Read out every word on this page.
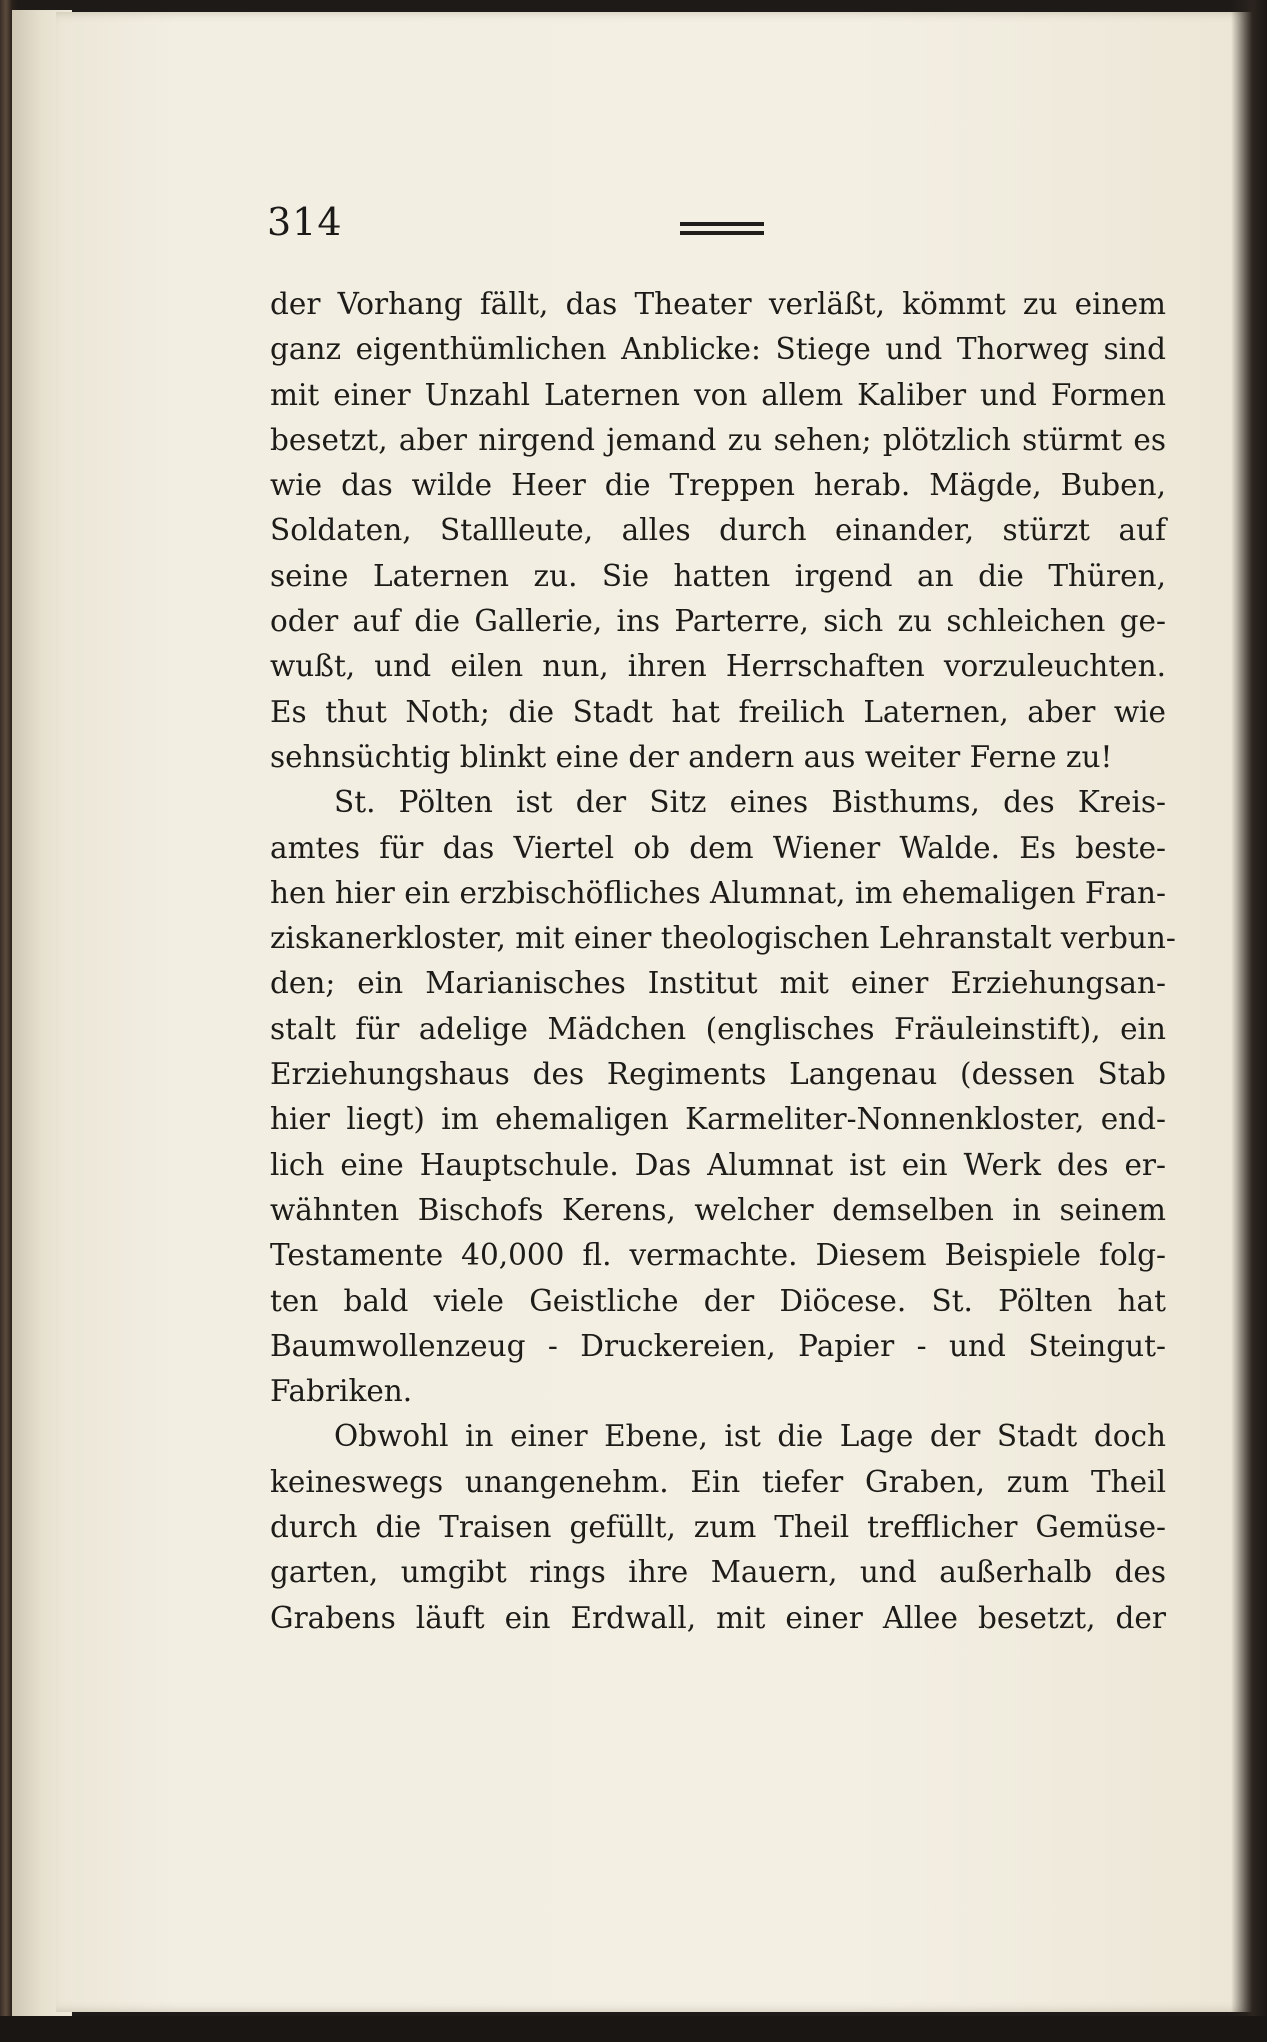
314

der Vorhang fällt, das Theater verläßt, kömmt zu einem
ganz eigenthümlichen Anblicke: Stiege und Thorweg sind
mit einer Unzahl Laternen von allem Kaliber und Formen
besetzt, aber nirgend jemand zu sehen; plötzlich stürmt es
wie das wilde Heer die Treppen herab. Mägde, Buben,
Soldaten, Stallleute, alles durch einander, stürzt auf
seine Laternen zu. Sie hatten irgend an die Thüren,
oder auf die Gallerie, ins Parterre, sich zu schleichen ge-
wußt, und eilen nun, ihren Herrschaften vorzuleuchten.
Es thut Noth; die Stadt hat freilich Laternen, aber wie
sehnsüchtig blinkt eine der andern aus weiter Ferne zu!

St. Pölten ist der Sitz eines Bisthums, des Kreis-
amtes für das Viertel ob dem Wiener Walde. Es beste-
hen hier ein erzbischöfliches Alumnat, im ehemaligen Fran-
ziskanerkloster, mit einer theologischen Lehranstalt verbun-
den; ein Marianisches Institut mit einer Erziehungsan-
stalt für adelige Mädchen (englisches Fräuleinstift), ein
Erziehungshaus des Regiments Langenau (dessen Stab
hier liegt) im ehemaligen Karmeliter-Nonnenkloster, end-
lich eine Hauptschule. Das Alumnat ist ein Werk des er-
wähnten Bischofs Kerens, welcher demselben in seinem
Testamente 40,000 fl. vermachte. Diesem Beispiele folg-
ten bald viele Geistliche der Diöcese. St. Pölten hat
Baumwollenzeug - Druckereien, Papier - und Steingut-
Fabriken.

Obwohl in einer Ebene, ist die Lage der Stadt doch
keineswegs unangenehm. Ein tiefer Graben, zum Theil
durch die Traisen gefüllt, zum Theil trefflicher Gemüse-
garten, umgibt rings ihre Mauern, und außerhalb des
Grabens läuft ein Erdwall, mit einer Allee besetzt, der
